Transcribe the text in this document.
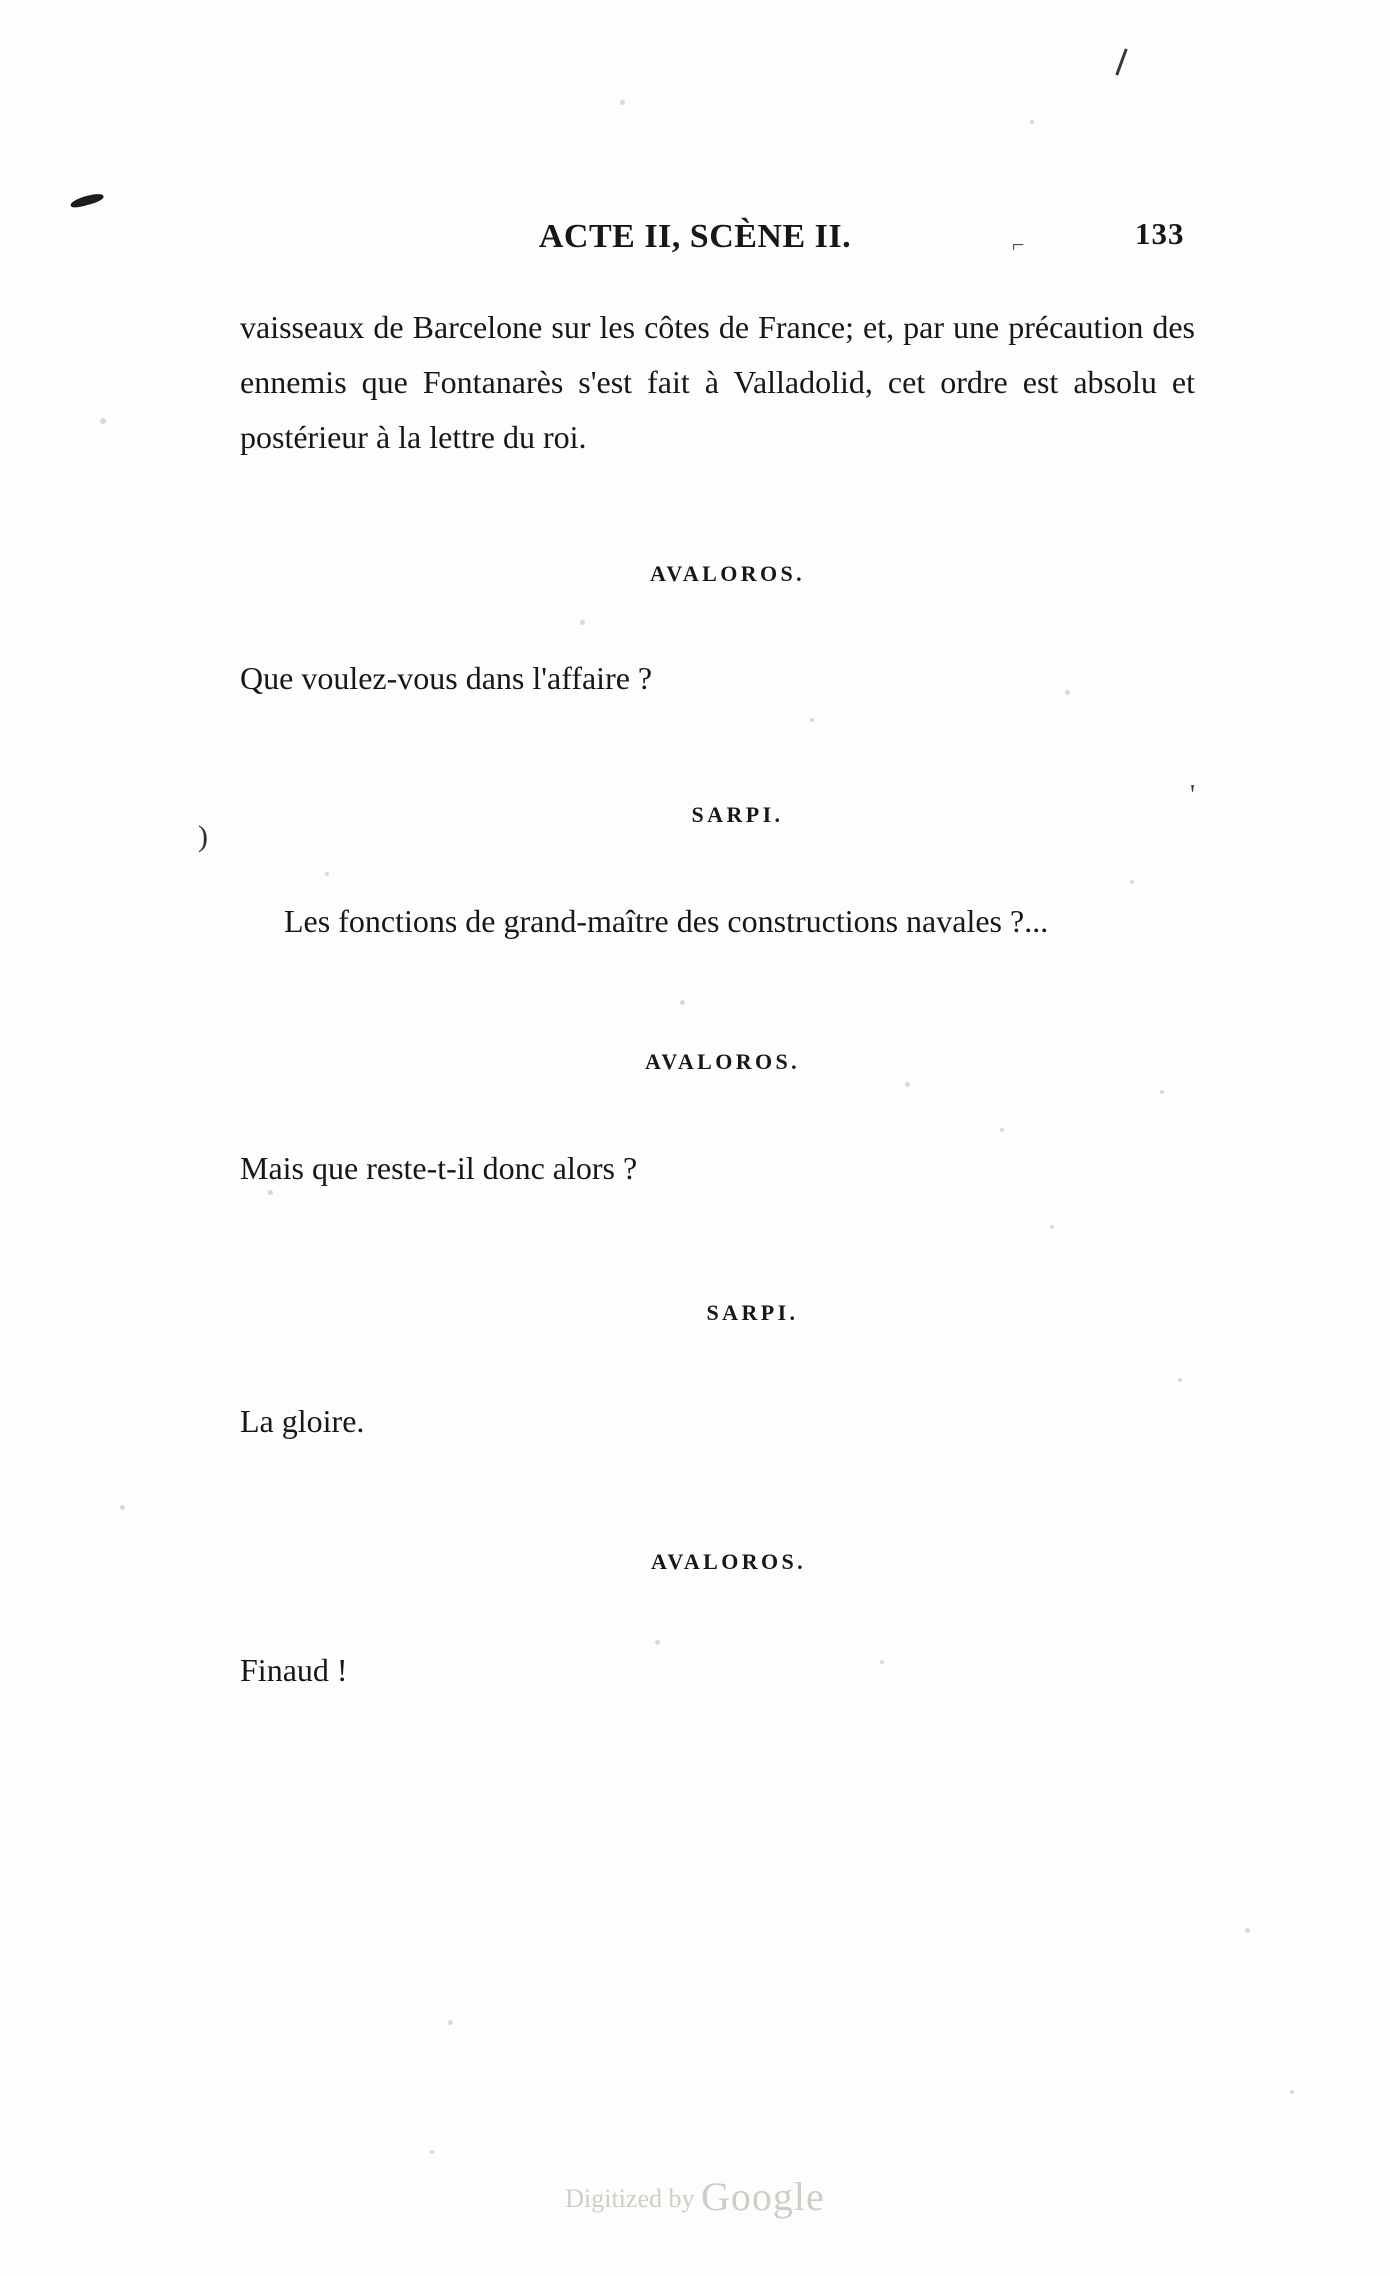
ACTE II, SCÈNE II.	⌐	133

vaisseaux de Barcelone sur les côtes de France; et, par une précaution des ennemis que Fontanarès s'est fait à Valladolid, cet ordre est absolu et postérieur à la lettre du roi.

AVALOROS.

Que voulez-vous dans l'affaire ?

SARPI.

Les fonctions de grand-maître des constructions navales ?...

AVALOROS.

Mais que reste-t-il donc alors ?

SARPI.

La gloire.

AVALOROS.

Finaud !

)
'
Digitized by Google
